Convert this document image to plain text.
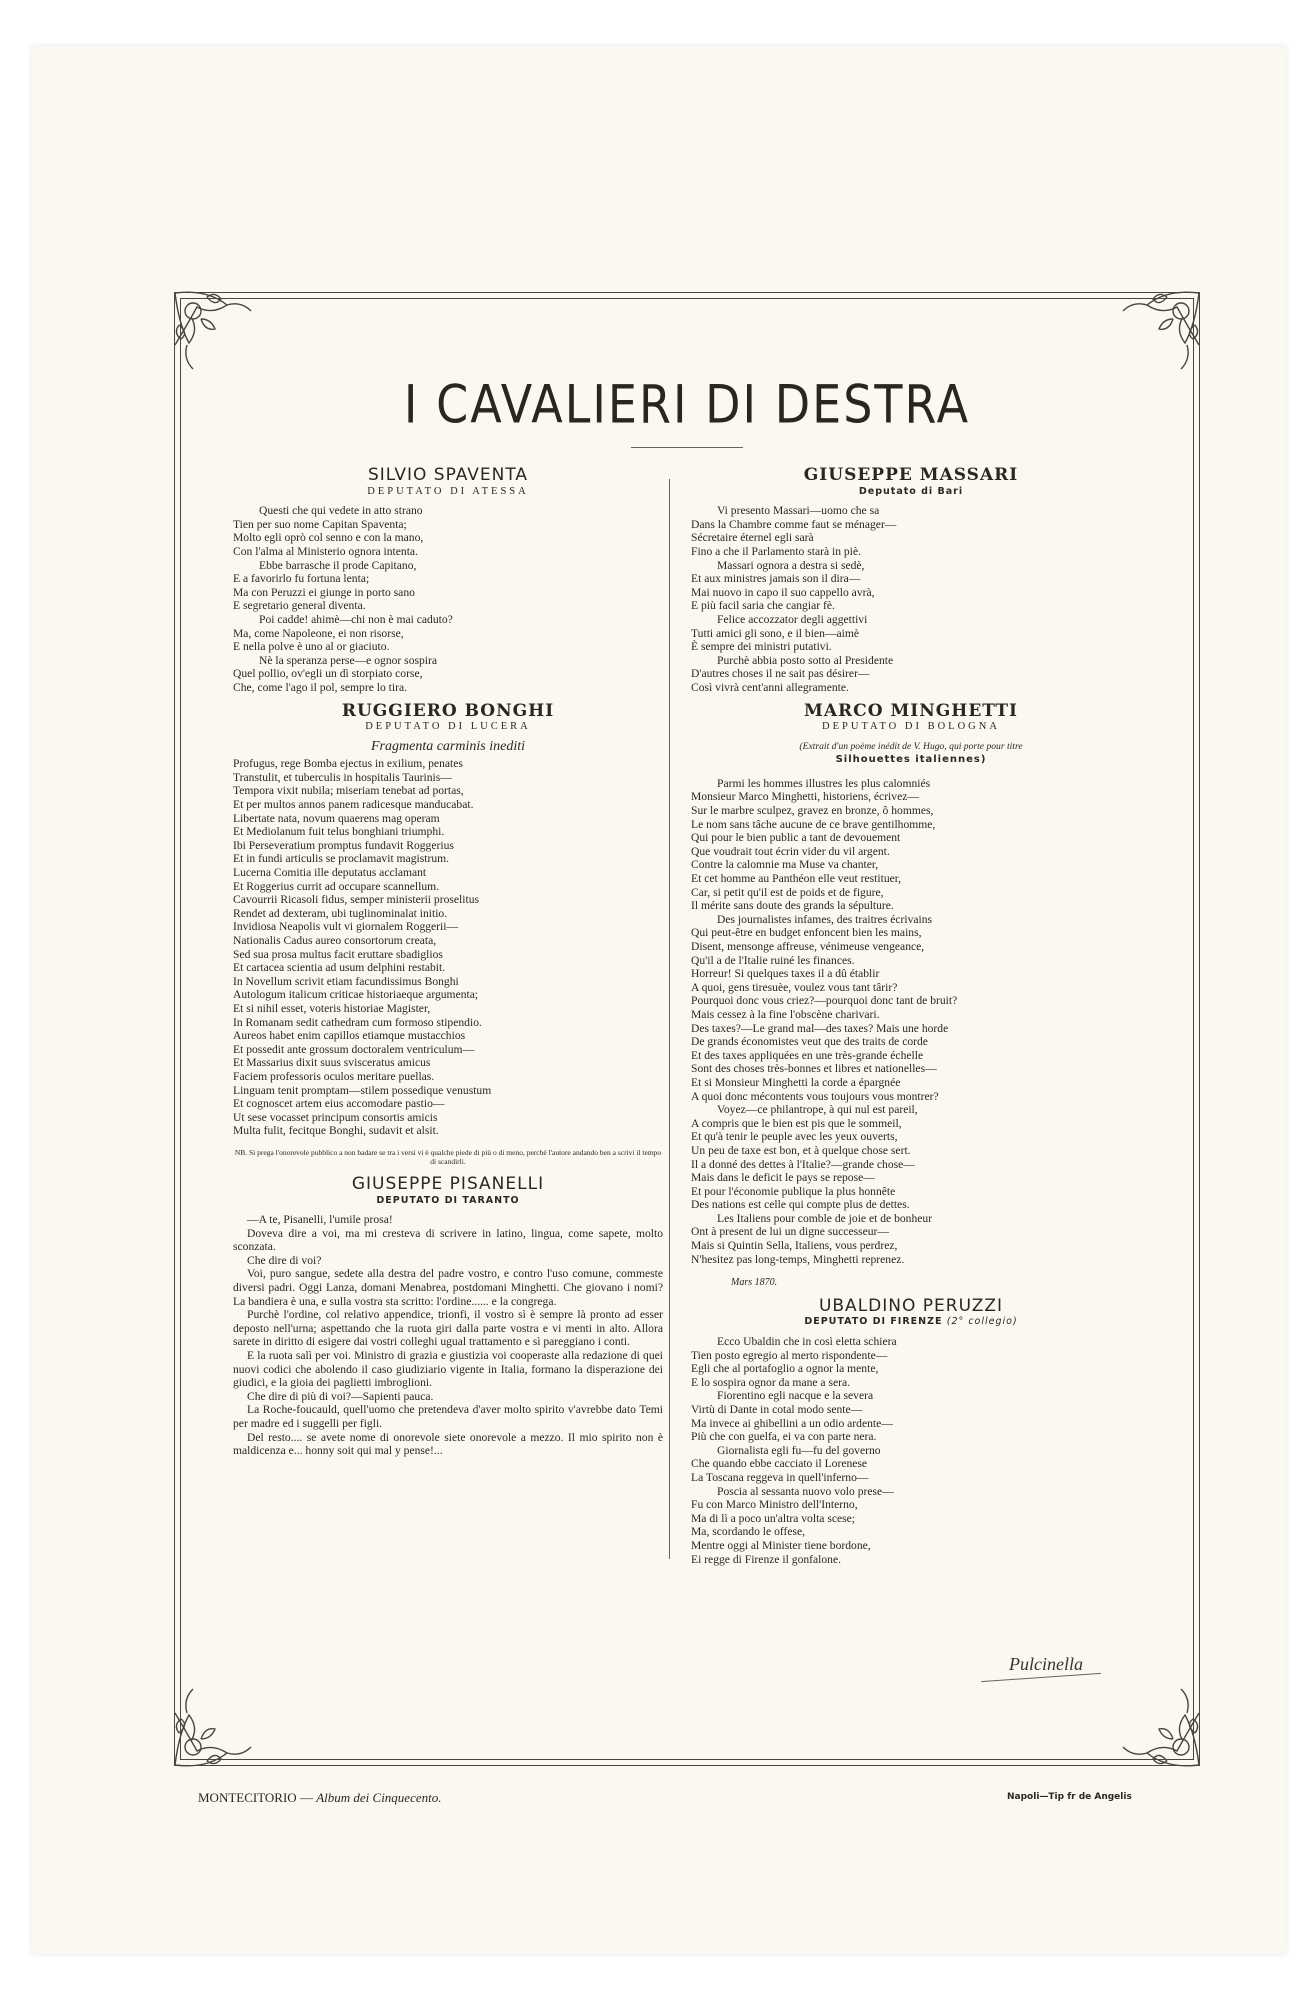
I CAVALIERI DI DESTRA
SILVIO SPAVENTA
DEPUTATO DI ATESSA
Questi che qui vedete in atto strano
Tien per suo nome Capitan Spaventa;
Molto egli oprò col senno e con la mano,
Con l'alma al Ministerio ognora intenta.
Ebbe barrasche il prode Capitano,
E a favorirlo fu fortuna lenta;
Ma con Peruzzi ei giunge in porto sano
E segretario general diventa.
Poi cadde! ahimè—chi non è mai caduto?
Ma, come Napoleone, ei non risorse,
E nella polve è uno al or giaciuto.
Nè la speranza perse—e ognor sospira
Quel pollio, ov'egli un dì storpiato corse,
Che, come l'ago il pol, sempre lo tira.
RUGGIERO BONGHI
DEPUTATO DI LUCERA
Fragmenta carminis inediti
Profugus, rege Bomba ejectus in exilium, penates
Transtulit, et tuberculis in hospitalis Taurinis—
Tempora vixit nubila; miseriam tenebat ad portas,
Et per multos annos panem radicesque manducabat.
Libertate nata, novum quaerens mag operam
Et Mediolanum fuit telus bonghiani triumphi.
Ibi Perseveratium promptus fundavit Roggerius
Et in fundi articulis se proclamavit magistrum.
Lucerna Comitia ille deputatus acclamant
Et Roggerius currit ad occupare scannellum.
Cavourrii Ricasoli fidus, semper ministerii proselitus
Rendet ad dexteram, ubi tuglinominalat initio.
Invidiosa Neapolis vult vi giornalem Roggerii—
Nationalis Cadus aureo consortorum creata,
Sed sua prosa multus facit eruttare sbadiglios
Et cartacea scientia ad usum delphini restabit.
In Novellum scrivit etiam facundissimus Bonghi
Autologum italicum criticae historiaeque argumenta;
Et si nihil esset, voteris historiae Magister,
In Romanam sedit cathedram cum formoso stipendio.
Aureos habet enim capillos etiamque mustacchios
Et possedit ante grossum doctoralem ventriculum—
Et Massarius dixit suus svisceratus amicus
Faciem professoris oculos meritare puellas.
Linguam tenit promptam—stilem possedique venustum
Et cognoscet artem eius accomodare pastio—
Ut sese vocasset principum consortis amicis
Multa fulit, fecitque Bonghi, sudavit et alsit.
NB. Si prega l'onorevole pubblico a non badare se tra i versi vi è qualche piede di più o di meno, perchè l'autore andando ben a scrivi il tempo di scandirli.
GIUSEPPE PISANELLI
DEPUTATO DI TARANTO

—A te, Pisanelli, l'umile prosa!

Doveva dire a voi, ma mi cresteva di scrivere in latino, lingua, come sapete, molto sconzata.

Che dire di voi?

Voi, puro sangue, sedete alla destra del padre vostro, e contro l'uso comune, commeste diversi padri. Oggi Lanza, domani Menabrea, postdomani Minghetti. Che giovano i nomi? La bandiera è una, e sulla vostra sta scritto: l'ordine...... e la congrega.

Purchè l'ordine, col relativo appendice, trionfi, il vostro sì è sempre là pronto ad esser deposto nell'urna; aspettando che la ruota giri dalla parte vostra e vi menti in alto. Allora sarete in diritto di esigere dai vostri colleghi ugual trattamento e sì pareggiano i conti.

E la ruota salì per voi. Ministro di grazia e giustizia voi cooperaste alla redazione di quei nuovi codici che abolendo il caso giudiziario vigente in Italia, formano la disperazione dei giudici, e la gioia dei paglietti imbroglioni.

Che dire di più di voi?—Sapienti pauca.

La Roche-foucauld, quell'uomo che pretendeva d'aver molto spirito v'avrebbe dato Temi per madre ed i suggelli per figli.

Del resto.... se avete nome di onorevole siete onorevole a mezzo. Il mio spirito non è maldicenza e... honny soit qui mal y pense!...

GIUSEPPE MASSARI
Deputato di Bari
Vi presento Massari—uomo che sa
Dans la Chambre comme faut se ménager—
Sécretaire éternel egli sarà
Fino a che il Parlamento starà in piè.
Massari ognora a destra si sedè,
Et aux ministres jamais son il dira—
Mai nuovo in capo il suo cappello avrà,
E più facil saria che cangiar fè.
Felice accozzator degli aggettivi
Tutti amici gli sono, e il bien—aimè
È sempre dei ministri putativi.
Purchè abbia posto sotto al Presidente
D'autres choses il ne sait pas désirer—
Così vivrà cent'anni allegramente.
MARCO MINGHETTI
DEPUTATO DI BOLOGNA
(Extrait d'un poème inédit de V. Hugo, qui porte pour titre
Silhouettes italiennes)
Parmi les hommes illustres les plus calomniés
Monsieur Marco Minghetti, historiens, écrivez—
Sur le marbre sculpez, gravez en bronze, ô hommes,
Le nom sans tâche aucune de ce brave gentilhomme,
Qui pour le bien public a tant de devouement
Que voudrait tout écrin vider du vil argent.
Contre la calomnie ma Muse va chanter,
Et cet homme au Panthéon elle veut restituer,
Car, si petit qu'il est de poids et de figure,
Il mérite sans doute des grands la sépulture.
Des journalistes infames, des traitres écrivains
Qui peut-être en budget enfoncent bien les mains,
Disent, mensonge affreuse, vénimeuse vengeance,
Qu'il a de l'Italie ruiné les finances.
Horreur! Si quelques taxes il a dû établir
A quoi, gens tiresuèe, voulez vous tant târir?
Pourquoi donc vous criez?—pourquoi donc tant de bruit?
Mais cessez à la fine l'obscène charivari.
Des taxes?—Le grand mal—des taxes? Mais une horde
De grands économistes veut que des traits de corde
Et des taxes appliquées en une très-grande échelle
Sont des choses très-bonnes et libres et nationelles—
Et si Monsieur Minghetti la corde a épargnée
A quoi donc mécontents vous toujours vous montrer?
Voyez—ce philantrope, à qui nul est pareil,
A compris que le bien est pis que le sommeil,
Et qu'à tenir le peuple avec les yeux ouverts,
Un peu de taxe est bon, et à quelque chose sert.
Il a donné des dettes à l'Italie?—grande chose—
Mais dans le deficit le pays se repose—
Et pour l'économie publique la plus honnête
Des nations est celle qui compte plus de dettes.
Les Italiens pour comble de joie et de bonheur
Ont à present de lui un digne successeur—
Mais si Quintin Sella, Italiens, vous perdrez,
N'hesitez pas long-temps, Minghetti reprenez.
Mars 1870.
UBALDINO PERUZZI
DEPUTATO DI FIRENZE (2° collegio)
Ecco Ubaldin che in così eletta schiera
Tien posto egregio al merto rispondente—
Egli che al portafoglio a ognor la mente,
E lo sospira ognor da mane a sera.
Fiorentino egli nacque e la severa
Virtù di Dante in cotal modo sente—
Ma invece ai ghibellini a un odio ardente—
Più che con guelfa, ei va con parte nera.
Giornalista egli fu—fu del governo
Che quando ebbe cacciato il Lorenese
La Toscana reggeva in quell'inferno—
Poscia al sessanta nuovo volo prese—
Fu con Marco Ministro dell'Interno,
Ma di lì a poco un'altra volta scese;
Ma, scordando le offese,
Mentre oggi al Minister tiene bordone,
Ei regge di Firenze il gonfalone.
Pulcinella
MONTECITORIO — Album dei Cinquecento.	Napoli—Tip fr de Angelis
